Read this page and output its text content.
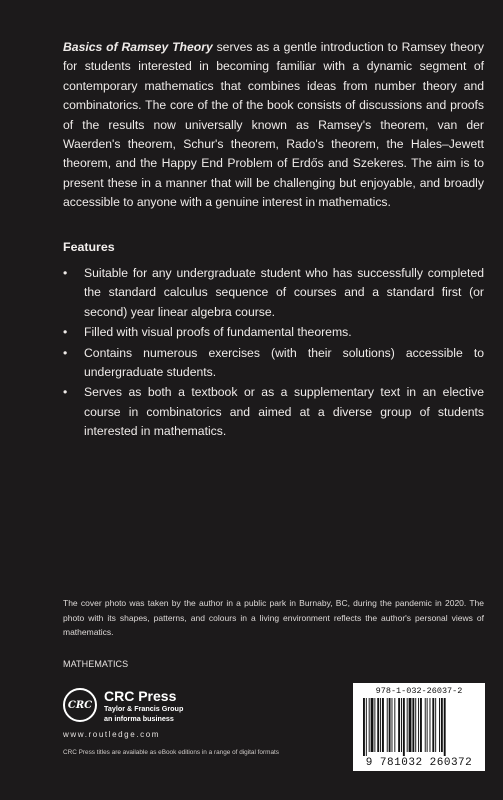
Basics of Ramsey Theory serves as a gentle introduction to Ramsey theory for students interested in becoming familiar with a dynamic segment of contemporary mathematics that combines ideas from number theory and combinatorics. The core of the of the book consists of discussions and proofs of the results now universally known as Ramsey's theorem, van der Waerden's theorem, Schur's theorem, Rado's theorem, the Hales–Jewett theorem, and the Happy End Problem of Erdős and Szekeres. The aim is to present these in a manner that will be challenging but enjoyable, and broadly accessible to anyone with a genuine interest in mathematics.

Features
• Suitable for any undergraduate student who has successfully completed the standard calculus sequence of courses and a standard first (or second) year linear algebra course.
• Filled with visual proofs of fundamental theorems.
• Contains numerous exercises (with their solutions) accessible to undergraduate students.
• Serves as both a textbook or as a supplementary text in an elective course in combinatorics and aimed at a diverse group of students interested in mathematics.

The cover photo was taken by the author in a public park in Burnaby, BC, during the pandemic in 2020. The photo with its shapes, patterns, and colours in a living environment reflects the author's personal views of mathematics.

MATHEMATICS

CRC
CRC Press
Taylor & Francis Group
an informa business

www.routledge.com

CRC Press titles are available as eBook editions in a range of digital formats

978-1-032-26037-2

9 781032 260372
